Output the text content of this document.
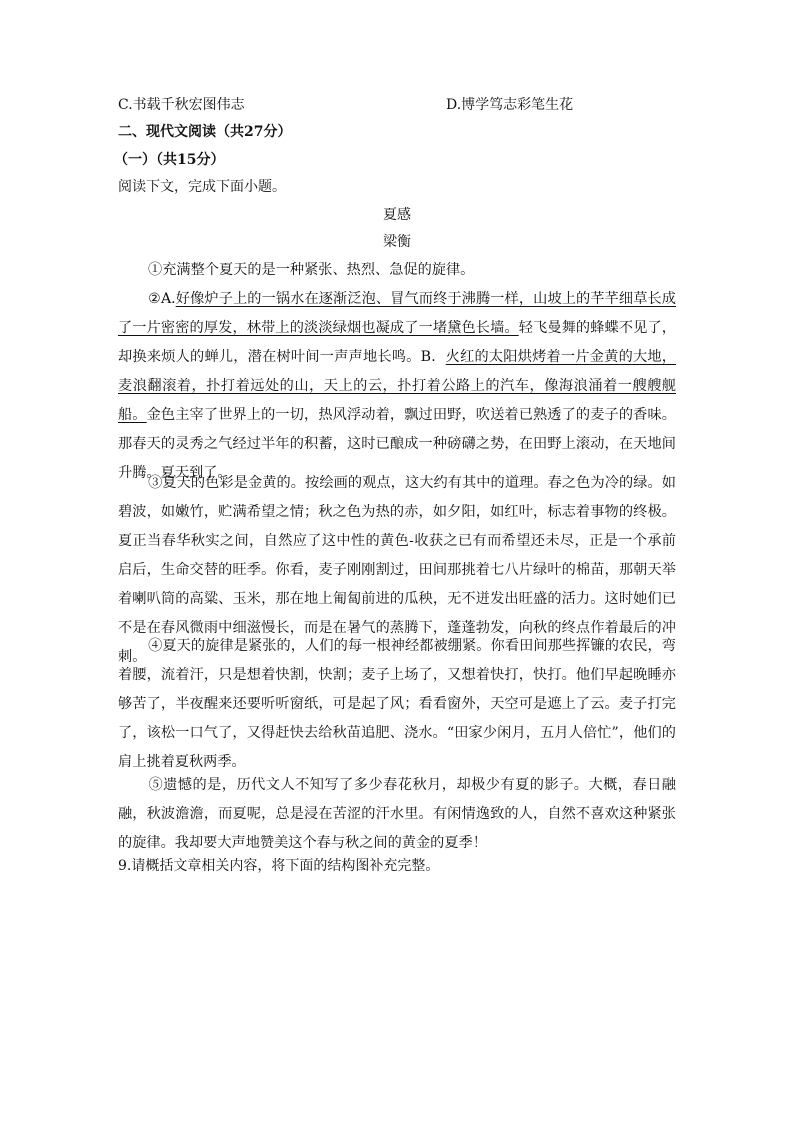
C.书载千秋宏图伟志	D.博学笃志彩笔生花
二、现代文阅读（共27分）
（一）（共15分）
阅读下文，完成下面小题。
夏感
梁衡

①充满整个夏天的是一种紧张、热烈、急促的旋律。

②A.好像炉子上的一锅水在逐渐泛泡、冒气而终于沸腾一样，山坡上的芊芊细草长成了一片密密的厚发，林带上的淡淡绿烟也凝成了一堵黛色长墙。轻飞曼舞的蜂蝶不见了，却换来烦人的蝉儿，潜在树叶间一声声地长鸣。B．火红的太阳烘烤着一片金黄的大地，麦浪翻滚着，扑打着远处的山，天上的云，扑打着公路上的汽车，像海浪涌着一艘艘舰船。金色主宰了世界上的一切，热风浮动着，飘过田野，吹送着已熟透了的麦子的香味。那春天的灵秀之气经过半年的积蓄，这时已酿成一种磅礴之势，在田野上滚动，在天地间升腾。夏天到了。

③夏天的色彩是金黄的。按绘画的观点，这大约有其中的道理。春之色为冷的绿。如碧波，如嫩竹，贮满希望之情；秋之色为热的赤，如夕阳，如红叶，标志着事物的终极。夏正当春华秋实之间，自然应了这中性的黄色-收获之已有而希望还未尽，正是一个承前启后，生命交替的旺季。你看，麦子刚刚割过，田间那挑着七八片绿叶的棉苗，那朝天举着喇叭筒的高粱、玉米，那在地上匍匐前进的瓜秧，无不迸发出旺盛的活力。这时她们已不是在春风微雨中细滋慢长，而是在暑气的蒸腾下，蓬蓬勃发，向秋的终点作着最后的冲刺。

④夏天的旋律是紧张的，人们的每一根神经都被绷紧。你看田间那些挥镰的农民，弯着腰，流着汗，只是想着快割，快割；麦子上场了，又想着快打，快打。他们早起晚睡亦够苦了，半夜醒来还要听听窗纸，可是起了风；看看窗外，天空可是遮上了云。麦子打完了，该松一口气了，又得赶快去给秋苗追肥、浇水。“田家少闲月，五月人倍忙”，他们的肩上挑着夏秋两季。

⑤遗憾的是，历代文人不知写了多少春花秋月，却极少有夏的影子。大概，春日融融，秋波澹澹，而夏呢，总是浸在苦涩的汗水里。有闲情逸致的人，自然不喜欢这种紧张的旋律。我却要大声地赞美这个春与秋之间的黄金的夏季！

9.请概括文章相关内容，将下面的结构图补充完整。
